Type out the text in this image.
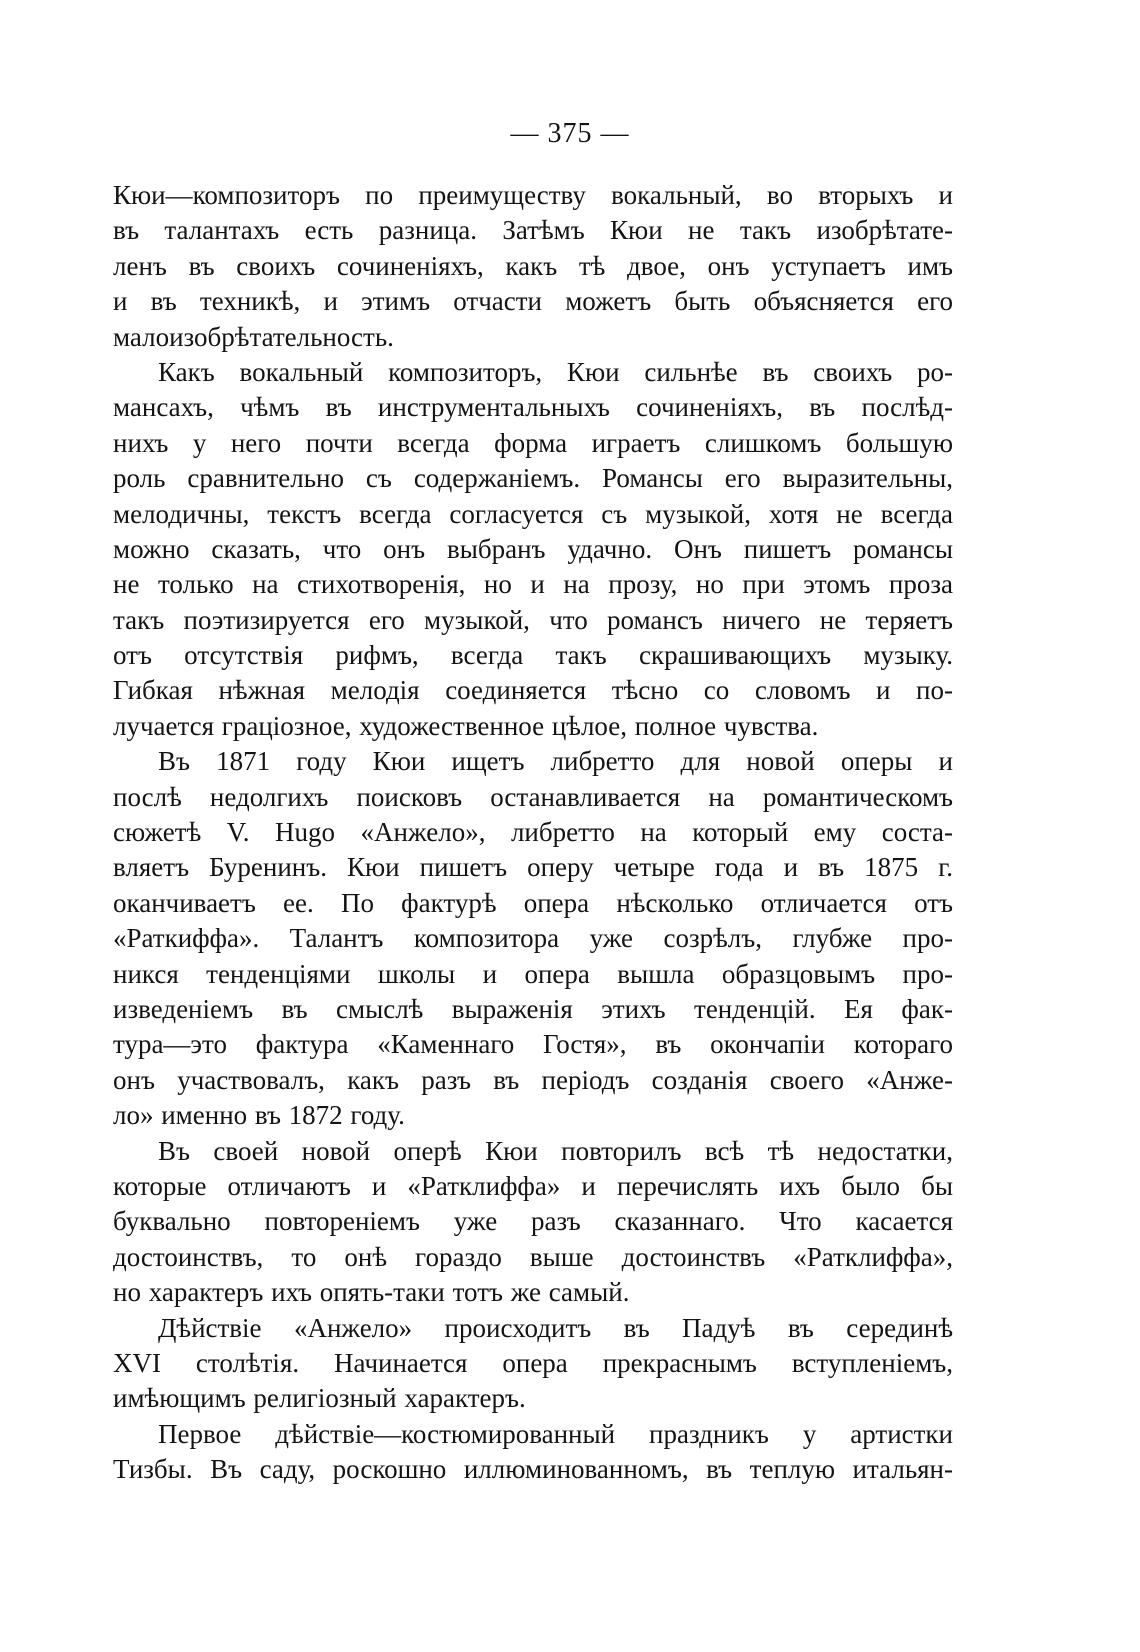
— 375 —
Кюи—композиторъ по преимуществу вокальный, во вторыхъ и
въ талантахъ есть разница. Затѣмъ Кюи не такъ изобрѣтате-
ленъ въ своихъ сочиненіяхъ, какъ тѣ двое, онъ уступаетъ имъ
и въ техникѣ, и этимъ отчасти можетъ быть объясняется его
малоизобрѣтательность.
Какъ вокальный композиторъ, Кюи сильнѣе въ своихъ ро-
мансахъ, чѣмъ въ инструментальныхъ сочиненіяхъ, въ послѣд-
нихъ у него почти всегда форма играетъ слишкомъ большую
роль сравнительно съ содержаніемъ. Романсы его выразительны,
мелодичны, текстъ всегда согласуется съ музыкой, хотя не всегда
можно сказать, что онъ выбранъ удачно. Онъ пишетъ романсы
не только на стихотворенія, но и на прозу, но при этомъ проза
такъ поэтизируется его музыкой, что романсъ ничего не теряетъ
отъ отсутствія рифмъ, всегда такъ скрашивающихъ музыку.
Гибкая нѣжная мелодія соединяется тѣсно со словомъ и по-
лучается граціозное, художественное цѣлое, полное чувства.
Въ 1871 году Кюи ищетъ либретто для новой оперы и
послѣ недолгихъ поисковъ останавливается на романтическомъ
сюжетѣ V. Hugo «Анжело», либретто на который ему соста-
вляетъ Буренинъ. Кюи пишетъ оперу четыре года и въ 1875 г.
оканчиваетъ ее. По фактурѣ опера нѣсколько отличается отъ
«Раткиффа». Талантъ композитора уже созрѣлъ, глубже про-
никся тенденціями школы и опера вышла образцовымъ про-
изведеніемъ въ смыслѣ выраженія этихъ тенденцій. Ея фак-
тура—это фактура «Каменнаго Гостя», въ окончапіи котораго
онъ участвовалъ, какъ разъ въ періодъ созданія своего «Анже-
ло» именно въ 1872 году.
Въ своей новой оперѣ Кюи повторилъ всѣ тѣ недостатки,
которые отличаютъ и «Ратклиффа» и перечислять ихъ было бы
буквально повтореніемъ уже разъ сказаннаго. Что касается
достоинствъ, то онѣ гораздо выше достоинствъ «Ратклиффа»,
но характеръ ихъ опять-таки тотъ же самый.
Дѣйствіе «Анжело» происходитъ въ Падуѣ въ серединѣ
XVI столѣтія. Начинается опера прекраснымъ вступленіемъ,
имѣющимъ религіозный характеръ.
Первое дѣйствіе—костюмированный праздникъ у артистки
Тизбы. Въ саду, роскошно иллюминованномъ, въ теплую итальян-
